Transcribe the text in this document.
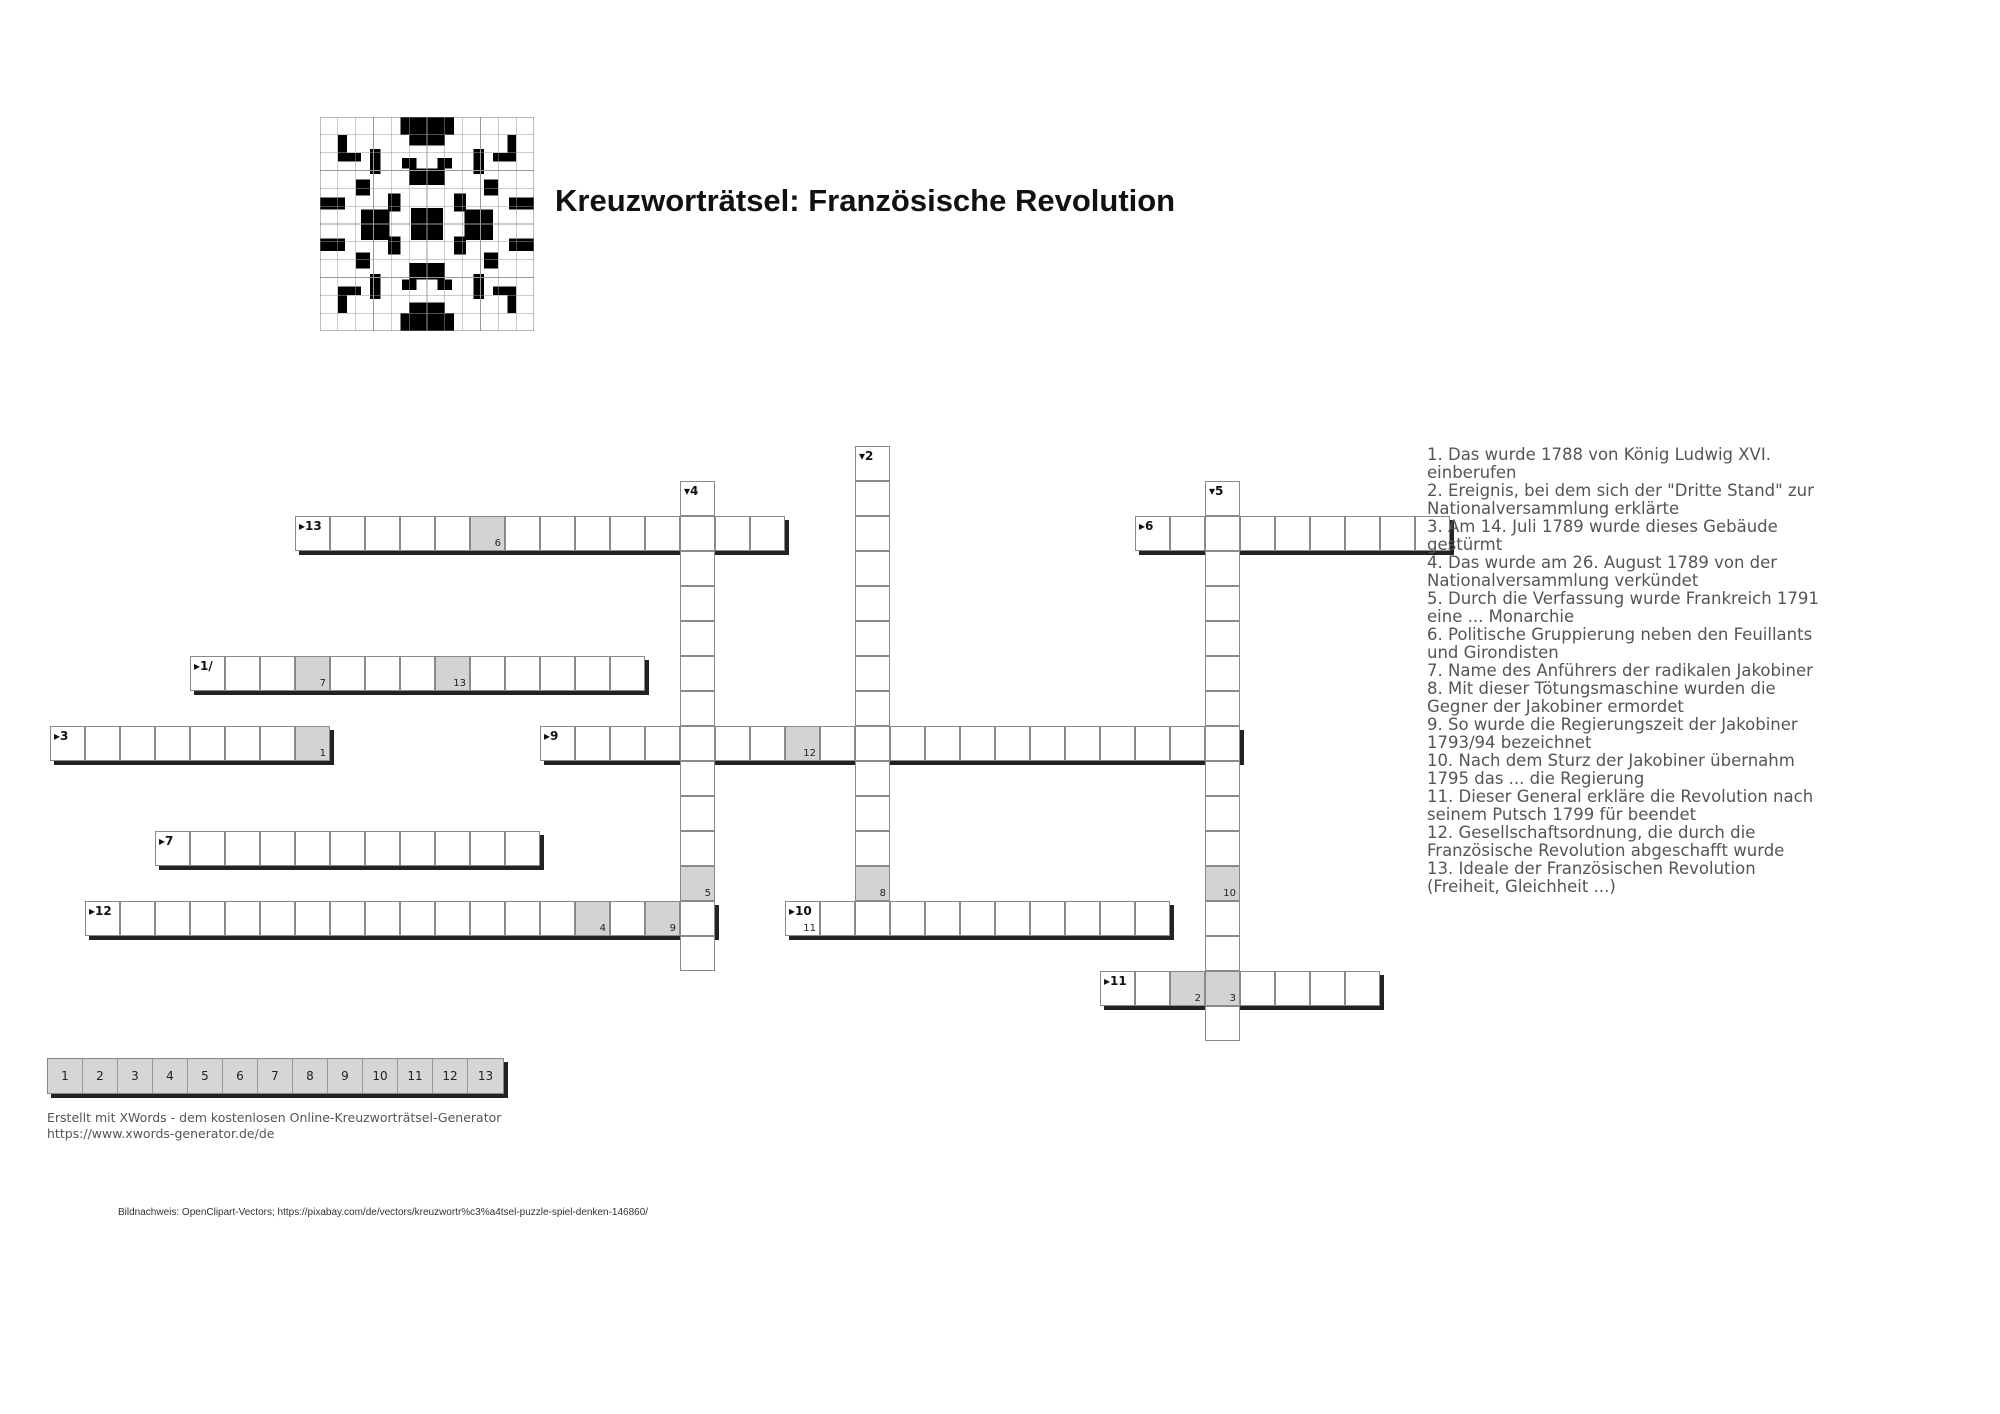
Kreuzworträtsel: Französische Revolution
▸13
6
▸6
▸1/
7	13
▸3
1
▸9
12
▸7
▸12
4	9
▸10
11
▸11
2	3
▾2
8
▾4
5
▾5
10
1. Das wurde 1788 von König Ludwig XVI. einberufen
2. Ereignis, bei dem sich der "Dritte Stand" zur Nationalversammlung erklärte
3. Am 14. Juli 1789 wurde dieses Gebäude gestürmt
4. Das wurde am 26. August 1789 von der Nationalversammlung verkündet
5. Durch die Verfassung wurde Frankreich 1791 eine ... Monarchie
6. Politische Gruppierung neben den Feuillants und Girondisten
7. Name des Anführers der radikalen Jakobiner
8. Mit dieser Tötungsmaschine wurden die Gegner der Jakobiner ermordet
9. So wurde die Regierungszeit der Jakobiner 1793/94 bezeichnet
10. Nach dem Sturz der Jakobiner übernahm 1795 das ... die Regierung
11. Dieser General erkläre die Revolution nach seinem Putsch 1799 für beendet
12. Gesellschaftsordnung, die durch die Französische Revolution abgeschafft wurde
13. Ideale der Französischen Revolution (Freiheit, Gleichheit ...)
1	2	3	4	5	6	7	8	9	10	11	12	13
Erstellt mit XWords - dem kostenlosen Online-Kreuzworträtsel-Generator
https://www.xwords-generator.de/de
Bildnachweis: OpenClipart-Vectors; https://pixabay.com/de/vectors/kreuzwortr%c3%a4tsel-puzzle-spiel-denken-146860/
